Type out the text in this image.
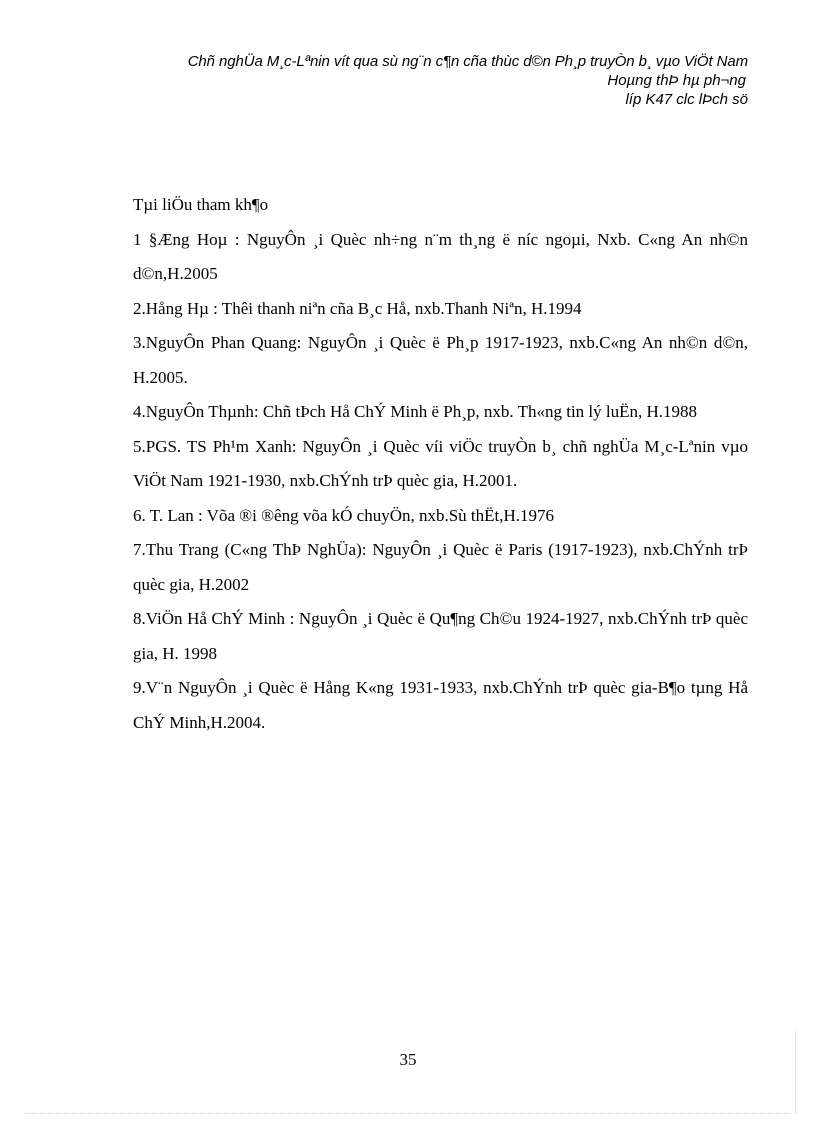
Chñ nghÜa M¸c-Lªnin vít qua sù ng¨n c¶n cña thùc d©n Ph¸p truyÒn b¸ vµo ViÖt Nam
Hoµng thÞ hµ ph¬ng
líp K47 clc lÞch sö

Tµi liÖu tham kh¶o

1 §Æng Hoµ : NguyÔn ¸i Quèc nh÷ng n¨m th¸ng ë níc ngoµi, Nxb. C«ng An nh©n d©n,H.2005

2.Hång Hµ : Thêi thanh niªn cña B¸c Hå, nxb.Thanh Niªn, H.1994

3.NguyÔn Phan Quang: NguyÔn ¸i Quèc ë Ph¸p 1917-1923, nxb.C«ng An nh©n d©n, H.2005.

4.NguyÔn Thµnh: Chñ tÞch Hå ChÝ Minh ë Ph¸p, nxb. Th«ng tin lý luËn, H.1988

5.PGS. TS Ph¹m Xanh: NguyÔn ¸i Quèc víi viÖc truyÒn b¸ chñ nghÜa M¸c-Lªnin vµo ViÖt Nam 1921-1930, nxb.ChÝnh trÞ quèc gia, H.2001.

6. T. Lan : Võa ®i ®êng võa kÓ chuyÖn, nxb.Sù thËt,H.1976

7.Thu Trang (C«ng ThÞ NghÜa): NguyÔn ¸i Quèc ë Paris (1917-1923), nxb.ChÝnh trÞ quèc gia, H.2002

8.ViÖn Hå ChÝ Minh : NguyÔn ¸i Quèc ë Qu¶ng Ch©u 1924-1927, nxb.ChÝnh trÞ quèc gia, H. 1998

9.V¨n NguyÔn ¸i Quèc ë Hång K«ng 1931-1933, nxb.ChÝnh trÞ quèc gia-B¶o tµng Hå ChÝ Minh,H.2004.

35
